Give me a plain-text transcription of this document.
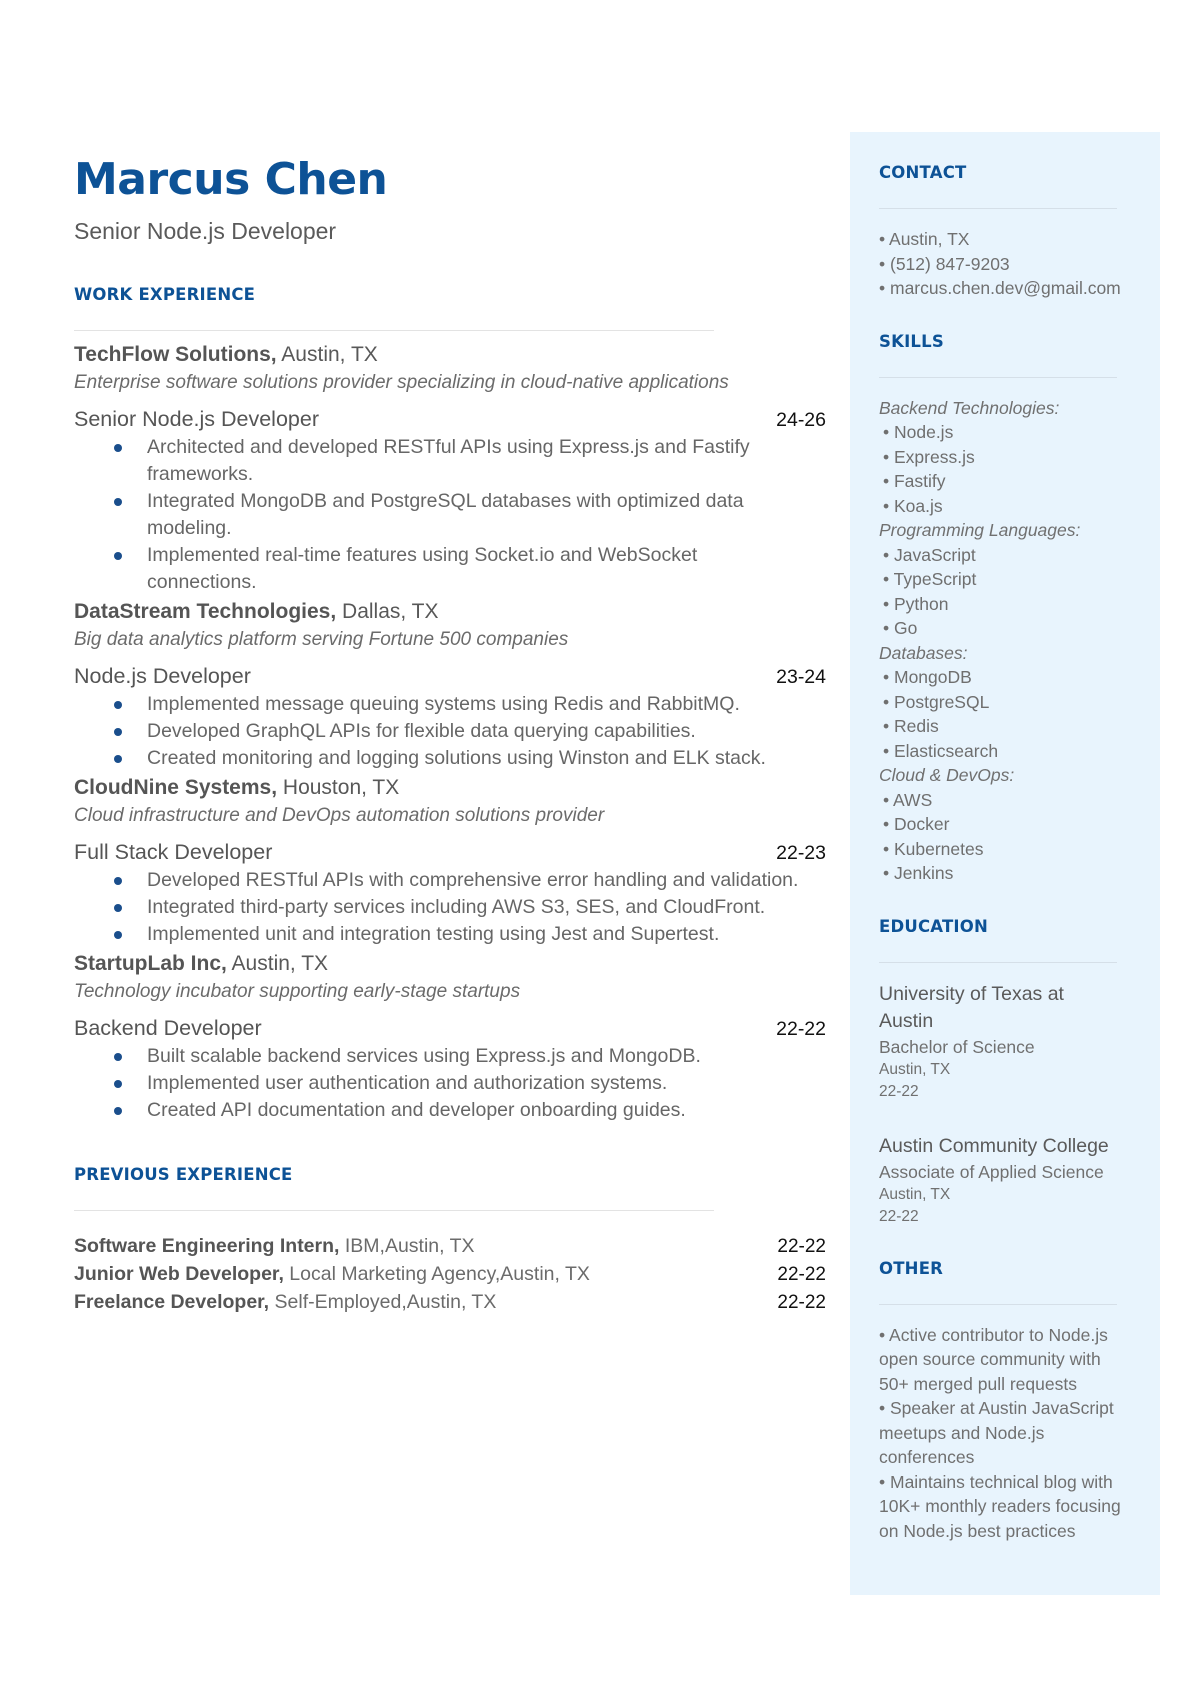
Marcus Chen
Senior Node.js Developer
WORK EXPERIENCE
TechFlow Solutions, Austin, TX
Enterprise software solutions provider specializing in cloud-native applications
Senior Node.js Developer	24-26
Architected and developed RESTful APIs using Express.js and Fastify frameworks.
Integrated MongoDB and PostgreSQL databases with optimized data modeling.
Implemented real-time features using Socket.io and WebSocket connections.
DataStream Technologies, Dallas, TX
Big data analytics platform serving Fortune 500 companies
Node.js Developer	23-24
Implemented message queuing systems using Redis and RabbitMQ.
Developed GraphQL APIs for flexible data querying capabilities.
Created monitoring and logging solutions using Winston and ELK stack.
CloudNine Systems, Houston, TX
Cloud infrastructure and DevOps automation solutions provider
Full Stack Developer	22-23
Developed RESTful APIs with comprehensive error handling and validation.
Integrated third-party services including AWS S3, SES, and CloudFront.
Implemented unit and integration testing using Jest and Supertest.
StartupLab Inc, Austin, TX
Technology incubator supporting early-stage startups
Backend Developer	22-22
Built scalable backend services using Express.js and MongoDB.
Implemented user authentication and authorization systems.
Created API documentation and developer onboarding guides.
PREVIOUS EXPERIENCE
Software Engineering Intern, IBM,Austin, TX	22-22
Junior Web Developer, Local Marketing Agency,Austin, TX	22-22
Freelance Developer, Self-Employed,Austin, TX	22-22
CONTACT
• Austin, TX
• (512) 847-9203
• marcus.chen.dev@gmail.com
SKILLS
Backend Technologies:
• Node.js
• Express.js
• Fastify
• Koa.js
Programming Languages:
• JavaScript
• TypeScript
• Python
• Go
Databases:
• MongoDB
• PostgreSQL
• Redis
• Elasticsearch
Cloud & DevOps:
• AWS
• Docker
• Kubernetes
• Jenkins
EDUCATION
University of Texas at Austin
Bachelor of Science
Austin, TX
22-22
Austin Community College
Associate of Applied Science
Austin, TX
22-22
OTHER
• Active contributor to Node.js open source community with 50+ merged pull requests
• Speaker at Austin JavaScript meetups and Node.js conferences
• Maintains technical blog with 10K+ monthly readers focusing on Node.js best practices
